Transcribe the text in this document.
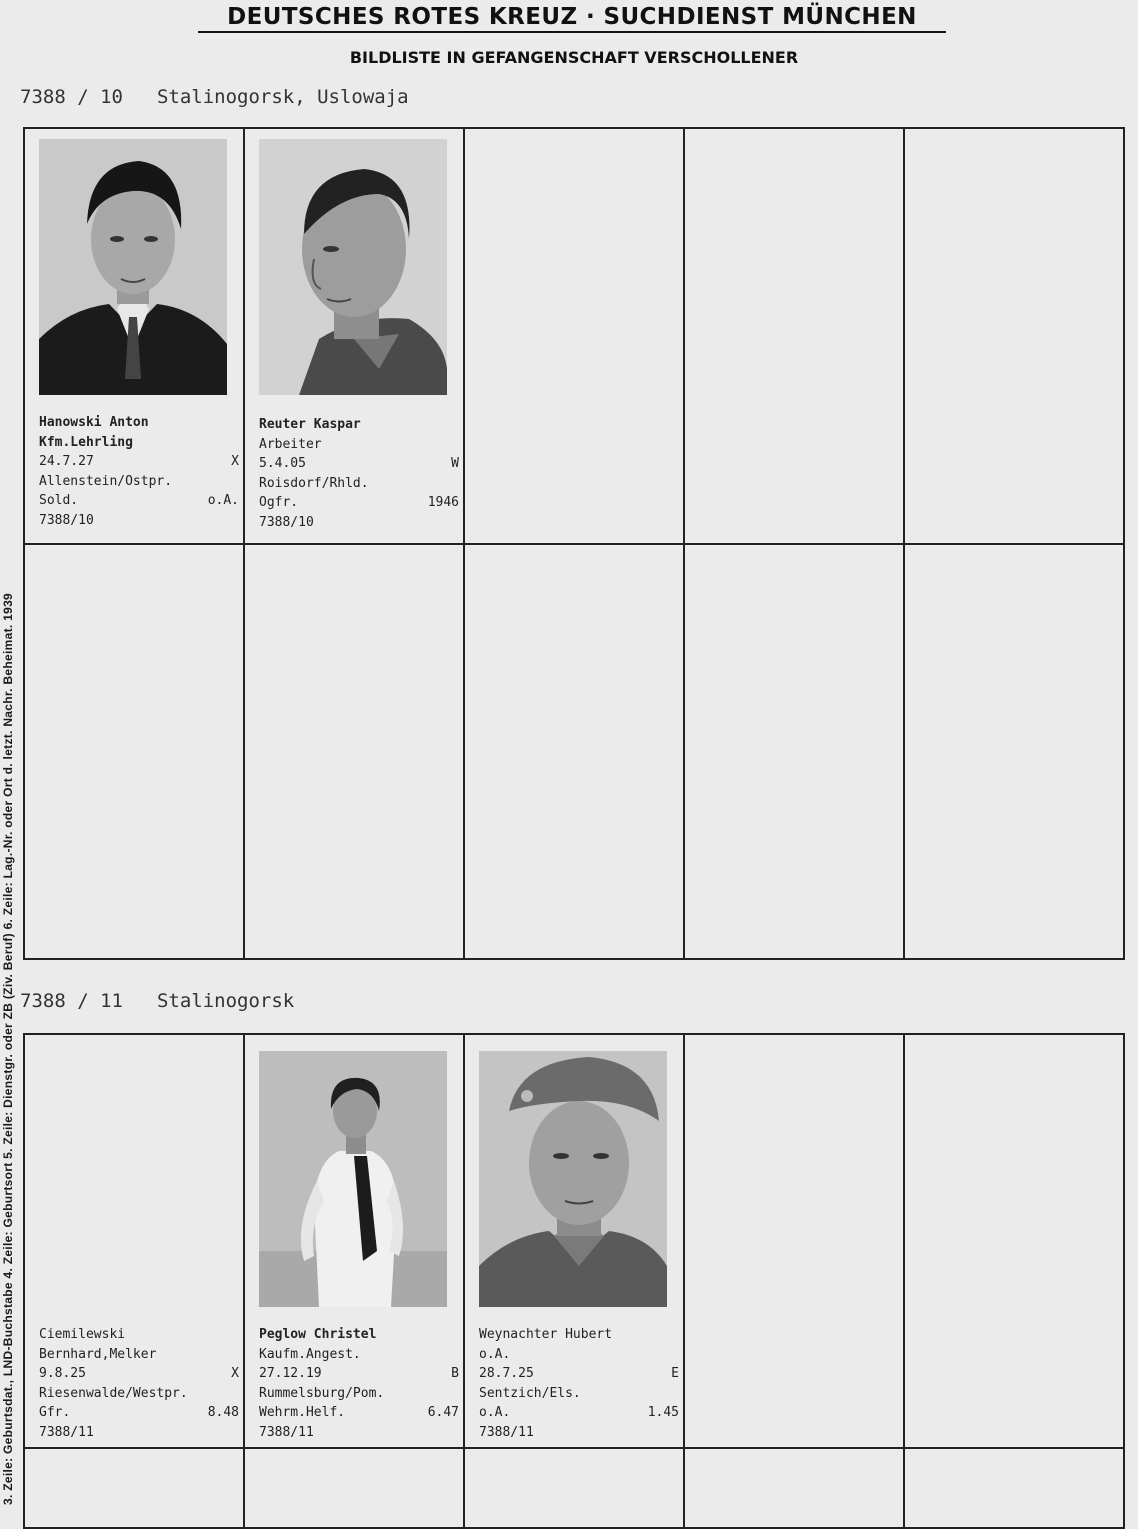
3. Zeile: Geburtsdat., LND-Buchstabe 4. Zeile: Geburtsort 5. Zeile: Dienstgr. oder ZB (Ziv. Beruf) 6. Zeile: Lag.-Nr. oder Ort d. letzt. Nachr. Beheimat. 1939
DEUTSCHES ROTES KREUZ · SUCHDIENST MÜNCHEN
BILDLISTE IN GEFANGENSCHAFT VERSCHOLLENER
7388 / 10 Stalinogorsk, Uslowaja
Hanowski Anton
Kfm.Lehrling
24.7.27	X
Allenstein/Ostpr.
Sold.	o.A.
7388/10
Reuter Kaspar
Arbeiter
5.4.05	W
Roisdorf/Rhld.
Ogfr.	1946
7388/10
7388 / 11 Stalinogorsk
Ciemilewski
Bernhard,Melker
9.8.25	X
Riesenwalde/Westpr.
Gfr.	8.48
7388/11
Peglow Christel
Kaufm.Angest.
27.12.19	B
Rummelsburg/Pom.
Wehrm.Helf.	6.47
7388/11
Weynachter Hubert
o.A.
28.7.25	E
Sentzich/Els.
o.A.	1.45
7388/11
